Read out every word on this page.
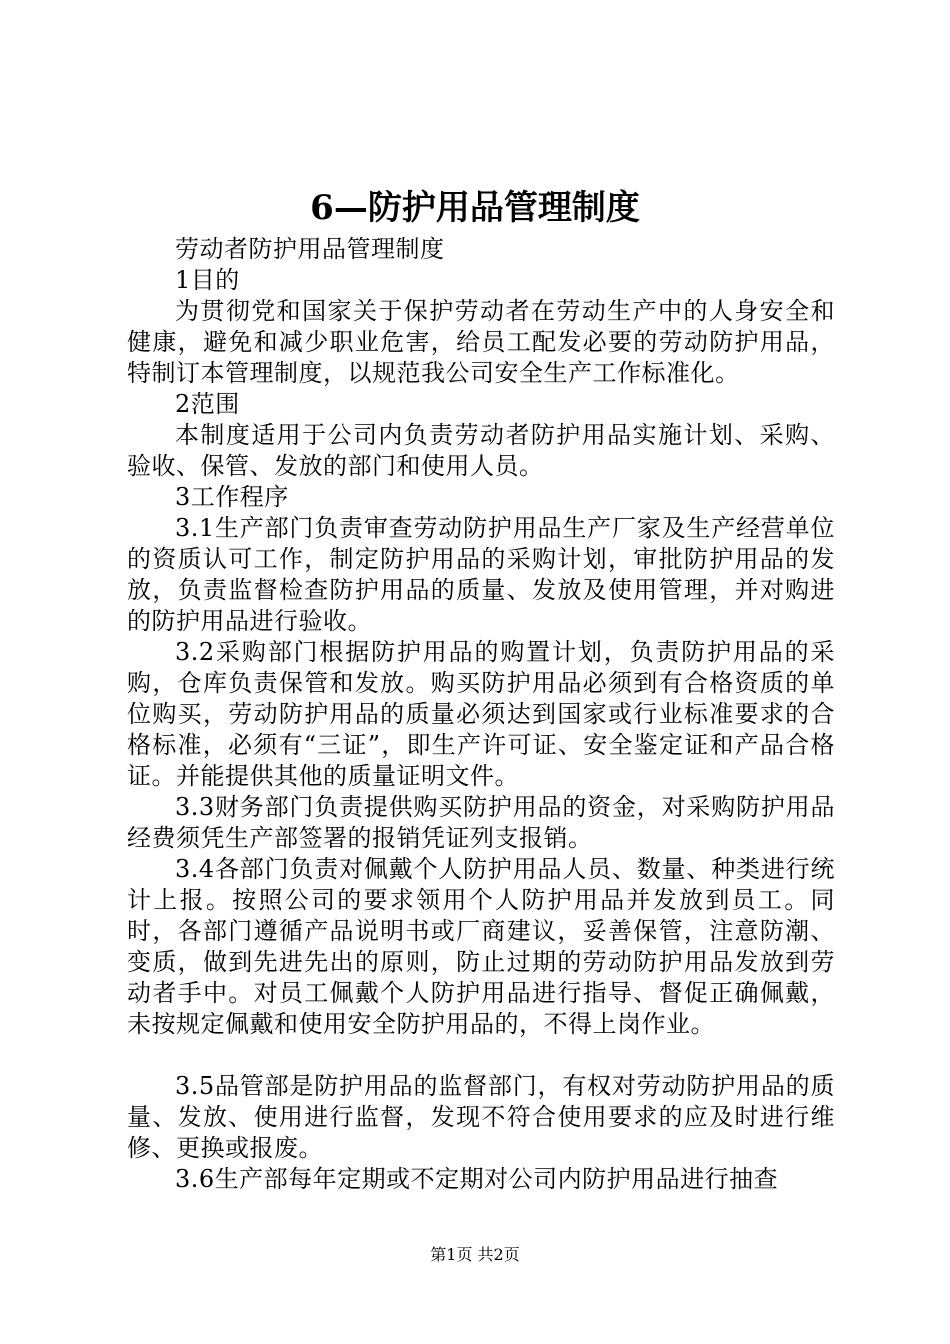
6—防护用品管理制度

劳动者防护用品管理制度

1目的

为贯彻党和国家关于保护劳动者在劳动生产中的人身安全和健康，避免和减少职业危害，给员工配发必要的劳动防护用品，特制订本管理制度，以规范我公司安全生产工作标准化。

2范围

本制度适用于公司内负责劳动者防护用品实施计划、采购、验收、保管、发放的部门和使用人员。

3工作程序

3.1生产部门负责审查劳动防护用品生产厂家及生产经营单位的资质认可工作，制定防护用品的采购计划，审批防护用品的发放，负责监督检查防护用品的质量、发放及使用管理，并对购进的防护用品进行验收。

3.2采购部门根据防护用品的购置计划，负责防护用品的采购，仓库负责保管和发放。购买防护用品必须到有合格资质的单位购买，劳动防护用品的质量必须达到国家或行业标准要求的合格标准，必须有“三证”，即生产许可证、安全鉴定证和产品合格证。并能提供其他的质量证明文件。

3.3财务部门负责提供购买防护用品的资金，对采购防护用品经费须凭生产部签署的报销凭证列支报销。

3.4各部门负责对佩戴个人防护用品人员、数量、种类进行统计上报。按照公司的要求领用个人防护用品并发放到员工。同时，各部门遵循产品说明书或厂商建议，妥善保管，注意防潮、变质，做到先进先出的原则，防止过期的劳动防护用品发放到劳动者手中。对员工佩戴个人防护用品进行指导、督促正确佩戴，未按规定佩戴和使用安全防护用品的，不得上岗作业。

3.5品管部是防护用品的监督部门，有权对劳动防护用品的质量、发放、使用进行监督，发现不符合使用要求的应及时进行维修、更换或报废。

3.6生产部每年定期或不定期对公司内防护用品进行抽查

第1页 共2页
